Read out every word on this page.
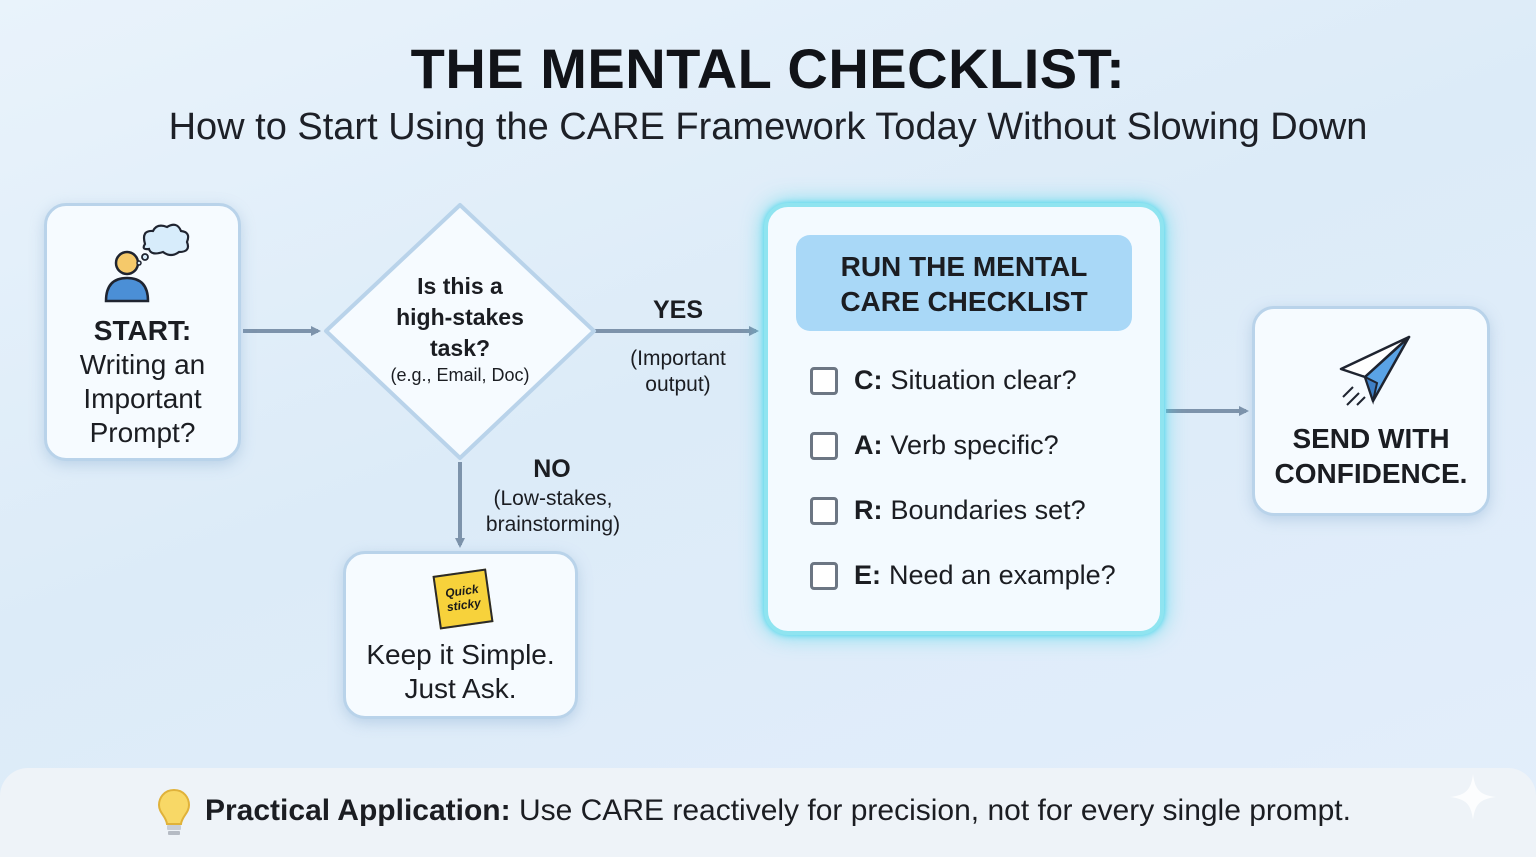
THE MENTAL CHECKLIST:
How to Start Using the CARE Framework Today Without Slowing Down
START:
Writing an
Important
Prompt?
Is this a
high-stakes
task?
(e.g., Email, Doc)
YES
(Important
output)
NO
(Low-stakes,
brainstorming)
Quick
sticky
Keep it Simple.
Just Ask.
RUN THE MENTAL
CARE CHECKLIST
C: Situation clear?
A: Verb specific?
R: Boundaries set?
E: Need an example?
SEND WITH
CONFIDENCE.
Practical Application: Use CARE reactively for precision, not for every single prompt.
